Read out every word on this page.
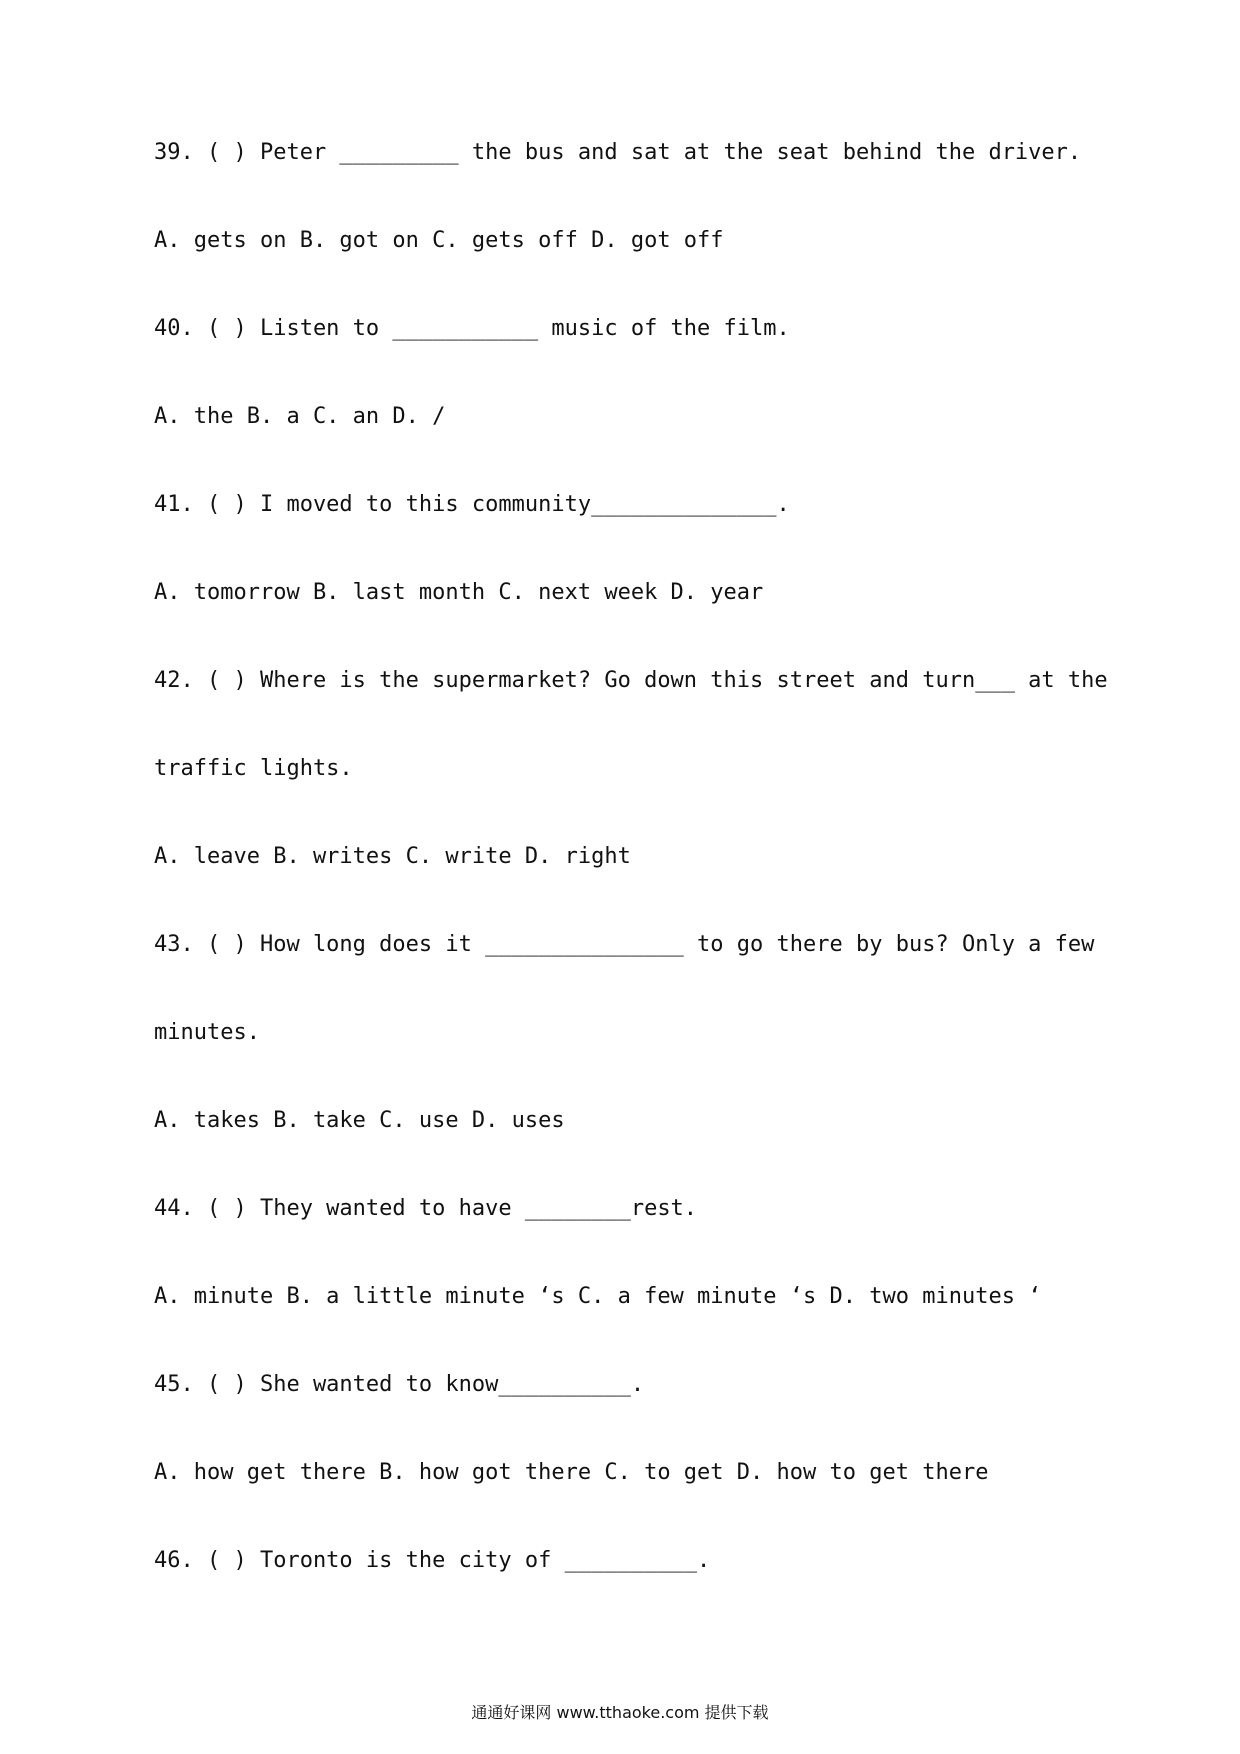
39. ( ) Peter _________ the bus and sat at the seat behind the driver.
A. gets on B. got on C. gets off D. got off
40. ( ) Listen to ___________ music of the film.
A. the B. a C. an D. /
41. ( ) I moved to this community______________.
A. tomorrow B. last month C. next week D. year
42. ( ) Where is the supermarket? Go down this street and turn___ at the
traffic lights.
A. leave B. writes C. write D. right
43. ( ) How long does it _______________ to go there by bus? Only a few
minutes.
A. takes B. take C. use D. uses
44. ( ) They wanted to have ________rest.
A. minute B. a little minute ‘s C. a few minute ‘s D. two minutes ‘
45. ( ) She wanted to know__________.
A. how get there B. how got there C. to get D. how to get there
46. ( ) Toronto is the city of __________.
通通好课网 www.tthaoke.com 提供下载
